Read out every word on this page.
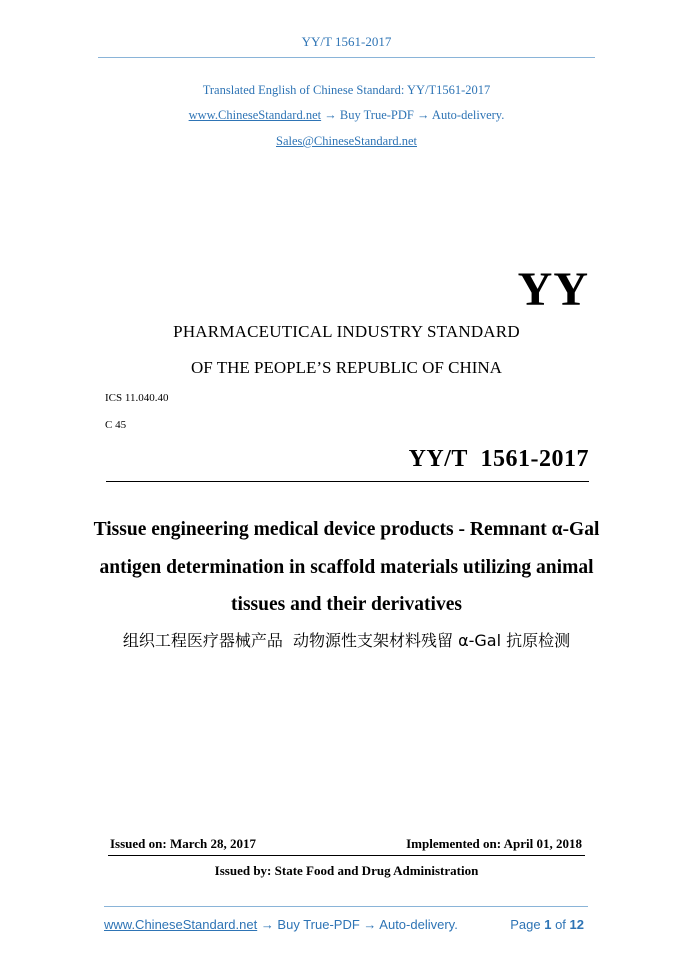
YY/T 1561-2017
Translated English of Chinese Standard: YY/T1561-2017
www.ChineseStandard.net → Buy True-PDF → Auto-delivery.
Sales@ChineseStandard.net
YY
PHARMACEUTICAL INDUSTRY STANDARD
OF THE PEOPLE’S REPUBLIC OF CHINA
ICS 11.040.40
C 45
YY/T  1561-2017
Tissue engineering medical device products - Remnant α-Gal
antigen determination in scaffold materials utilizing animal
tissues and their derivatives
组织工程医疗器械产品  动物源性支架材料残留 α-Gal 抗原检测
Issued on: March 28, 2017	Implemented on: April 01, 2018
Issued by: State Food and Drug Administration
www.ChineseStandard.net → Buy True-PDF → Auto-delivery.	Page 1 of 12
